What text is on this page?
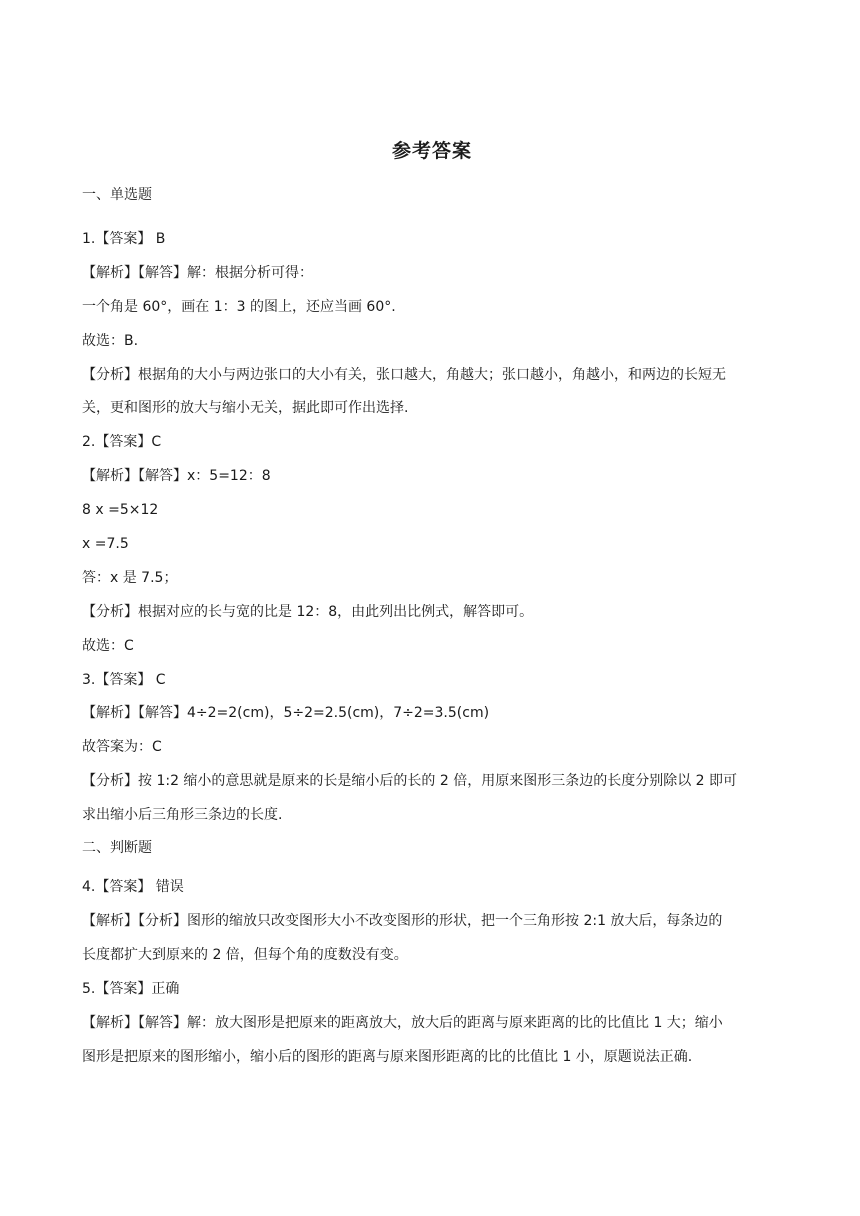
参考答案
一、单选题
1.【答案】 B
【解析】【解答】解：根据分析可得：
一个角是 60°，画在 1：3 的图上，还应当画 60°.
故选：B.
【分析】根据角的大小与两边张口的大小有关，张口越大，角越大；张口越小，角越小，和两边的长短无
关，更和图形的放大与缩小无关，据此即可作出选择.
2.【答案】C
【解析】【解答】x：5=12：8
8 x =5×12
x =7.5
答：x 是 7.5；
【分析】根据对应的长与宽的比是 12：8，由此列出比例式，解答即可。
故选：C
3.【答案】 C
【解析】【解答】4÷2=2(cm)，5÷2=2.5(cm)，7÷2=3.5(cm)
故答案为：C
【分析】按 1:2 缩小的意思就是原来的长是缩小后的长的 2 倍，用原来图形三条边的长度分别除以 2 即可
求出缩小后三角形三条边的长度.
二、判断题
4.【答案】 错误
【解析】【分析】图形的缩放只改变图形大小不改变图形的形状，把一个三角形按 2:1 放大后，每条边的
长度都扩大到原来的 2 倍，但每个角的度数没有变。
5.【答案】正确
【解析】【解答】解：放大图形是把原来的距离放大，放大后的距离与原来距离的比的比值比 1 大；缩小
图形是把原来的图形缩小，缩小后的图形的距离与原来图形距离的比的比值比 1 小，原题说法正确.
